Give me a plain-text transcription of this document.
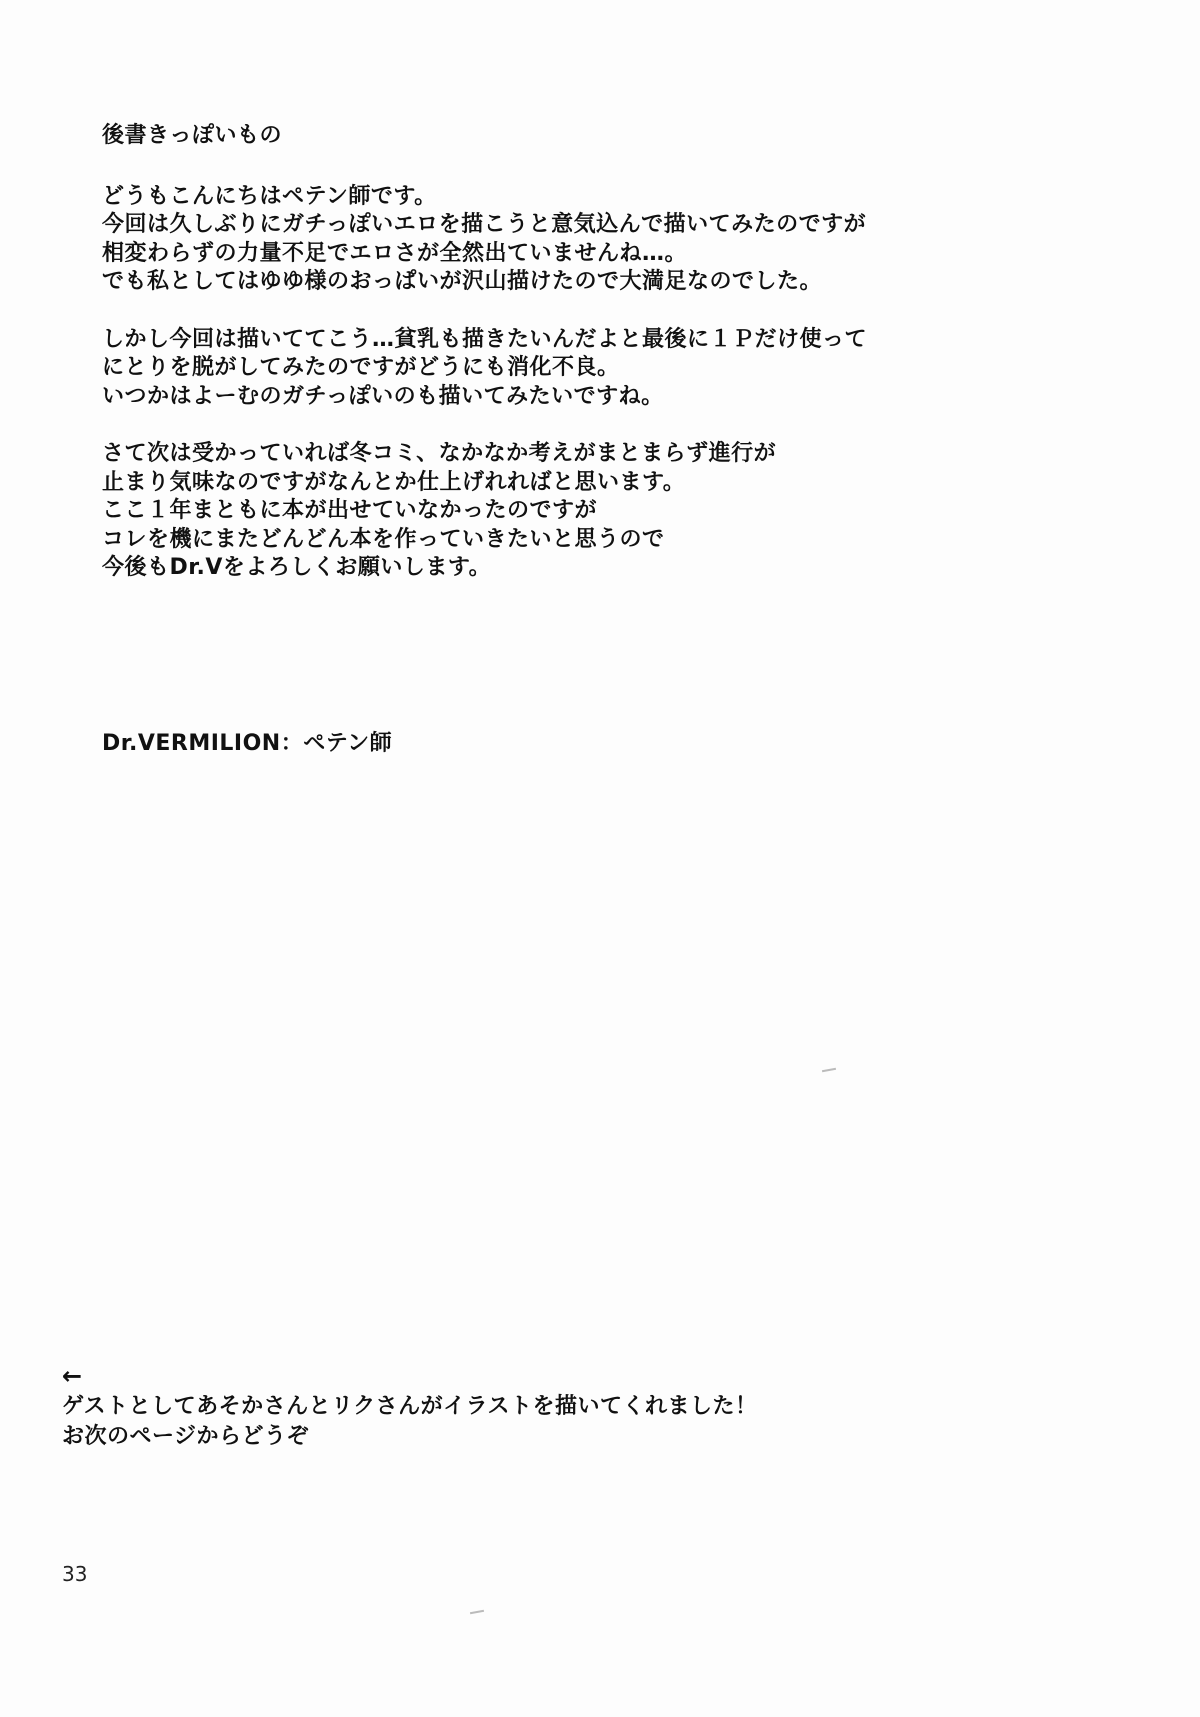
後書きっぽいもの
どうもこんにちはペテン師です。
今回は久しぶりにガチっぽいエロを描こうと意気込んで描いてみたのですが
相変わらずの力量不足でエロさが全然出ていませんね…。
でも私としてはゆゆ様のおっぱいが沢山描けたので大満足なのでした。
しかし今回は描いててこう…貧乳も描きたいんだよと最後に１Ｐだけ使って
にとりを脱がしてみたのですがどうにも消化不良。
いつかはよーむのガチっぽいのも描いてみたいですね。
さて次は受かっていれば冬コミ、なかなか考えがまとまらず進行が
止まり気味なのですがなんとか仕上げれればと思います。
ここ１年まともに本が出せていなかったのですが
コレを機にまたどんどん本を作っていきたいと思うので
今後もDr.Vをよろしくお願いします。
Dr.VERMILION：ペテン師
←
ゲストとしてあそかさんとリクさんがイラストを描いてくれました！
お次のページからどうぞ
33
